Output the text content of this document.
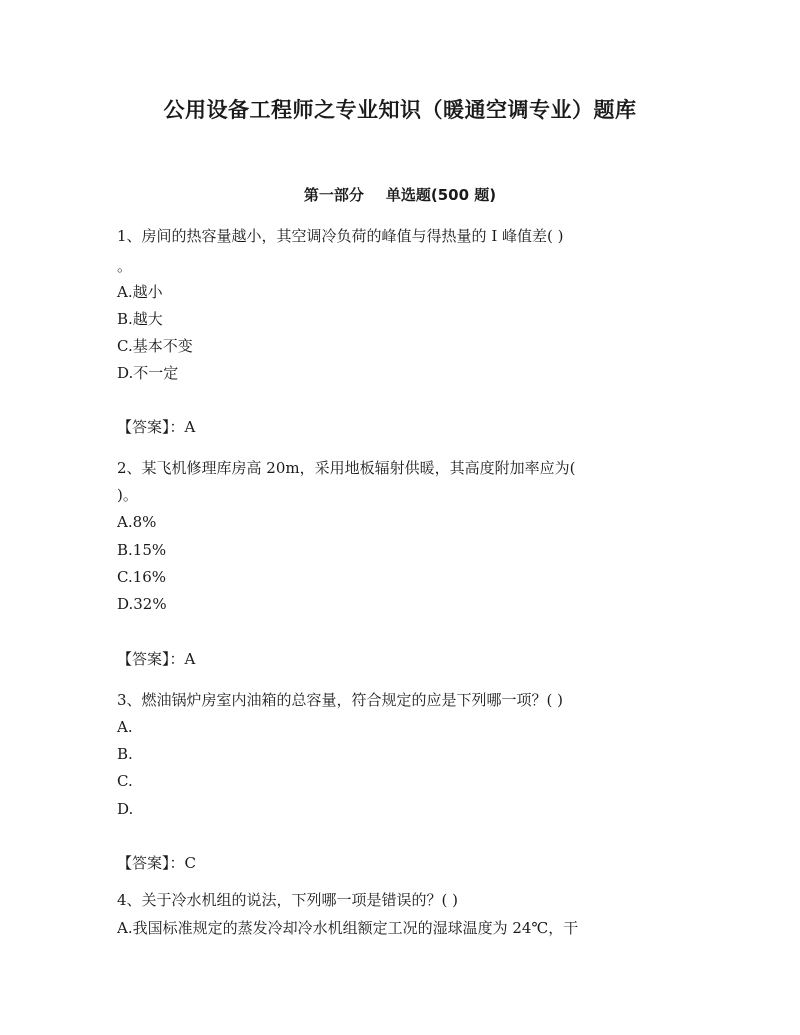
公用设备工程师之专业知识（暖通空调专业）题库
第一部分 单选题(500 题)
1、房间的热容量越小，其空调冷负荷的峰值与得热量的 I 峰值差( )
。
A.越小
B.越大
C.基本不变
D.不一定
【答案】：A
2、某飞机修理库房高 20m，采用地板辐射供暖，其高度附加率应为(
)。
A.8%
B.15%
C.16%
D.32%
【答案】：A
3、燃油锅炉房室内油箱的总容量，符合规定的应是下列哪一项？( )
A.
B.
C.
D.
【答案】：C
4、关于冷水机组的说法，下列哪一项是错误的？( )
A.我国标准规定的蒸发冷却冷水机组额定工况的湿球温度为 24℃，干
